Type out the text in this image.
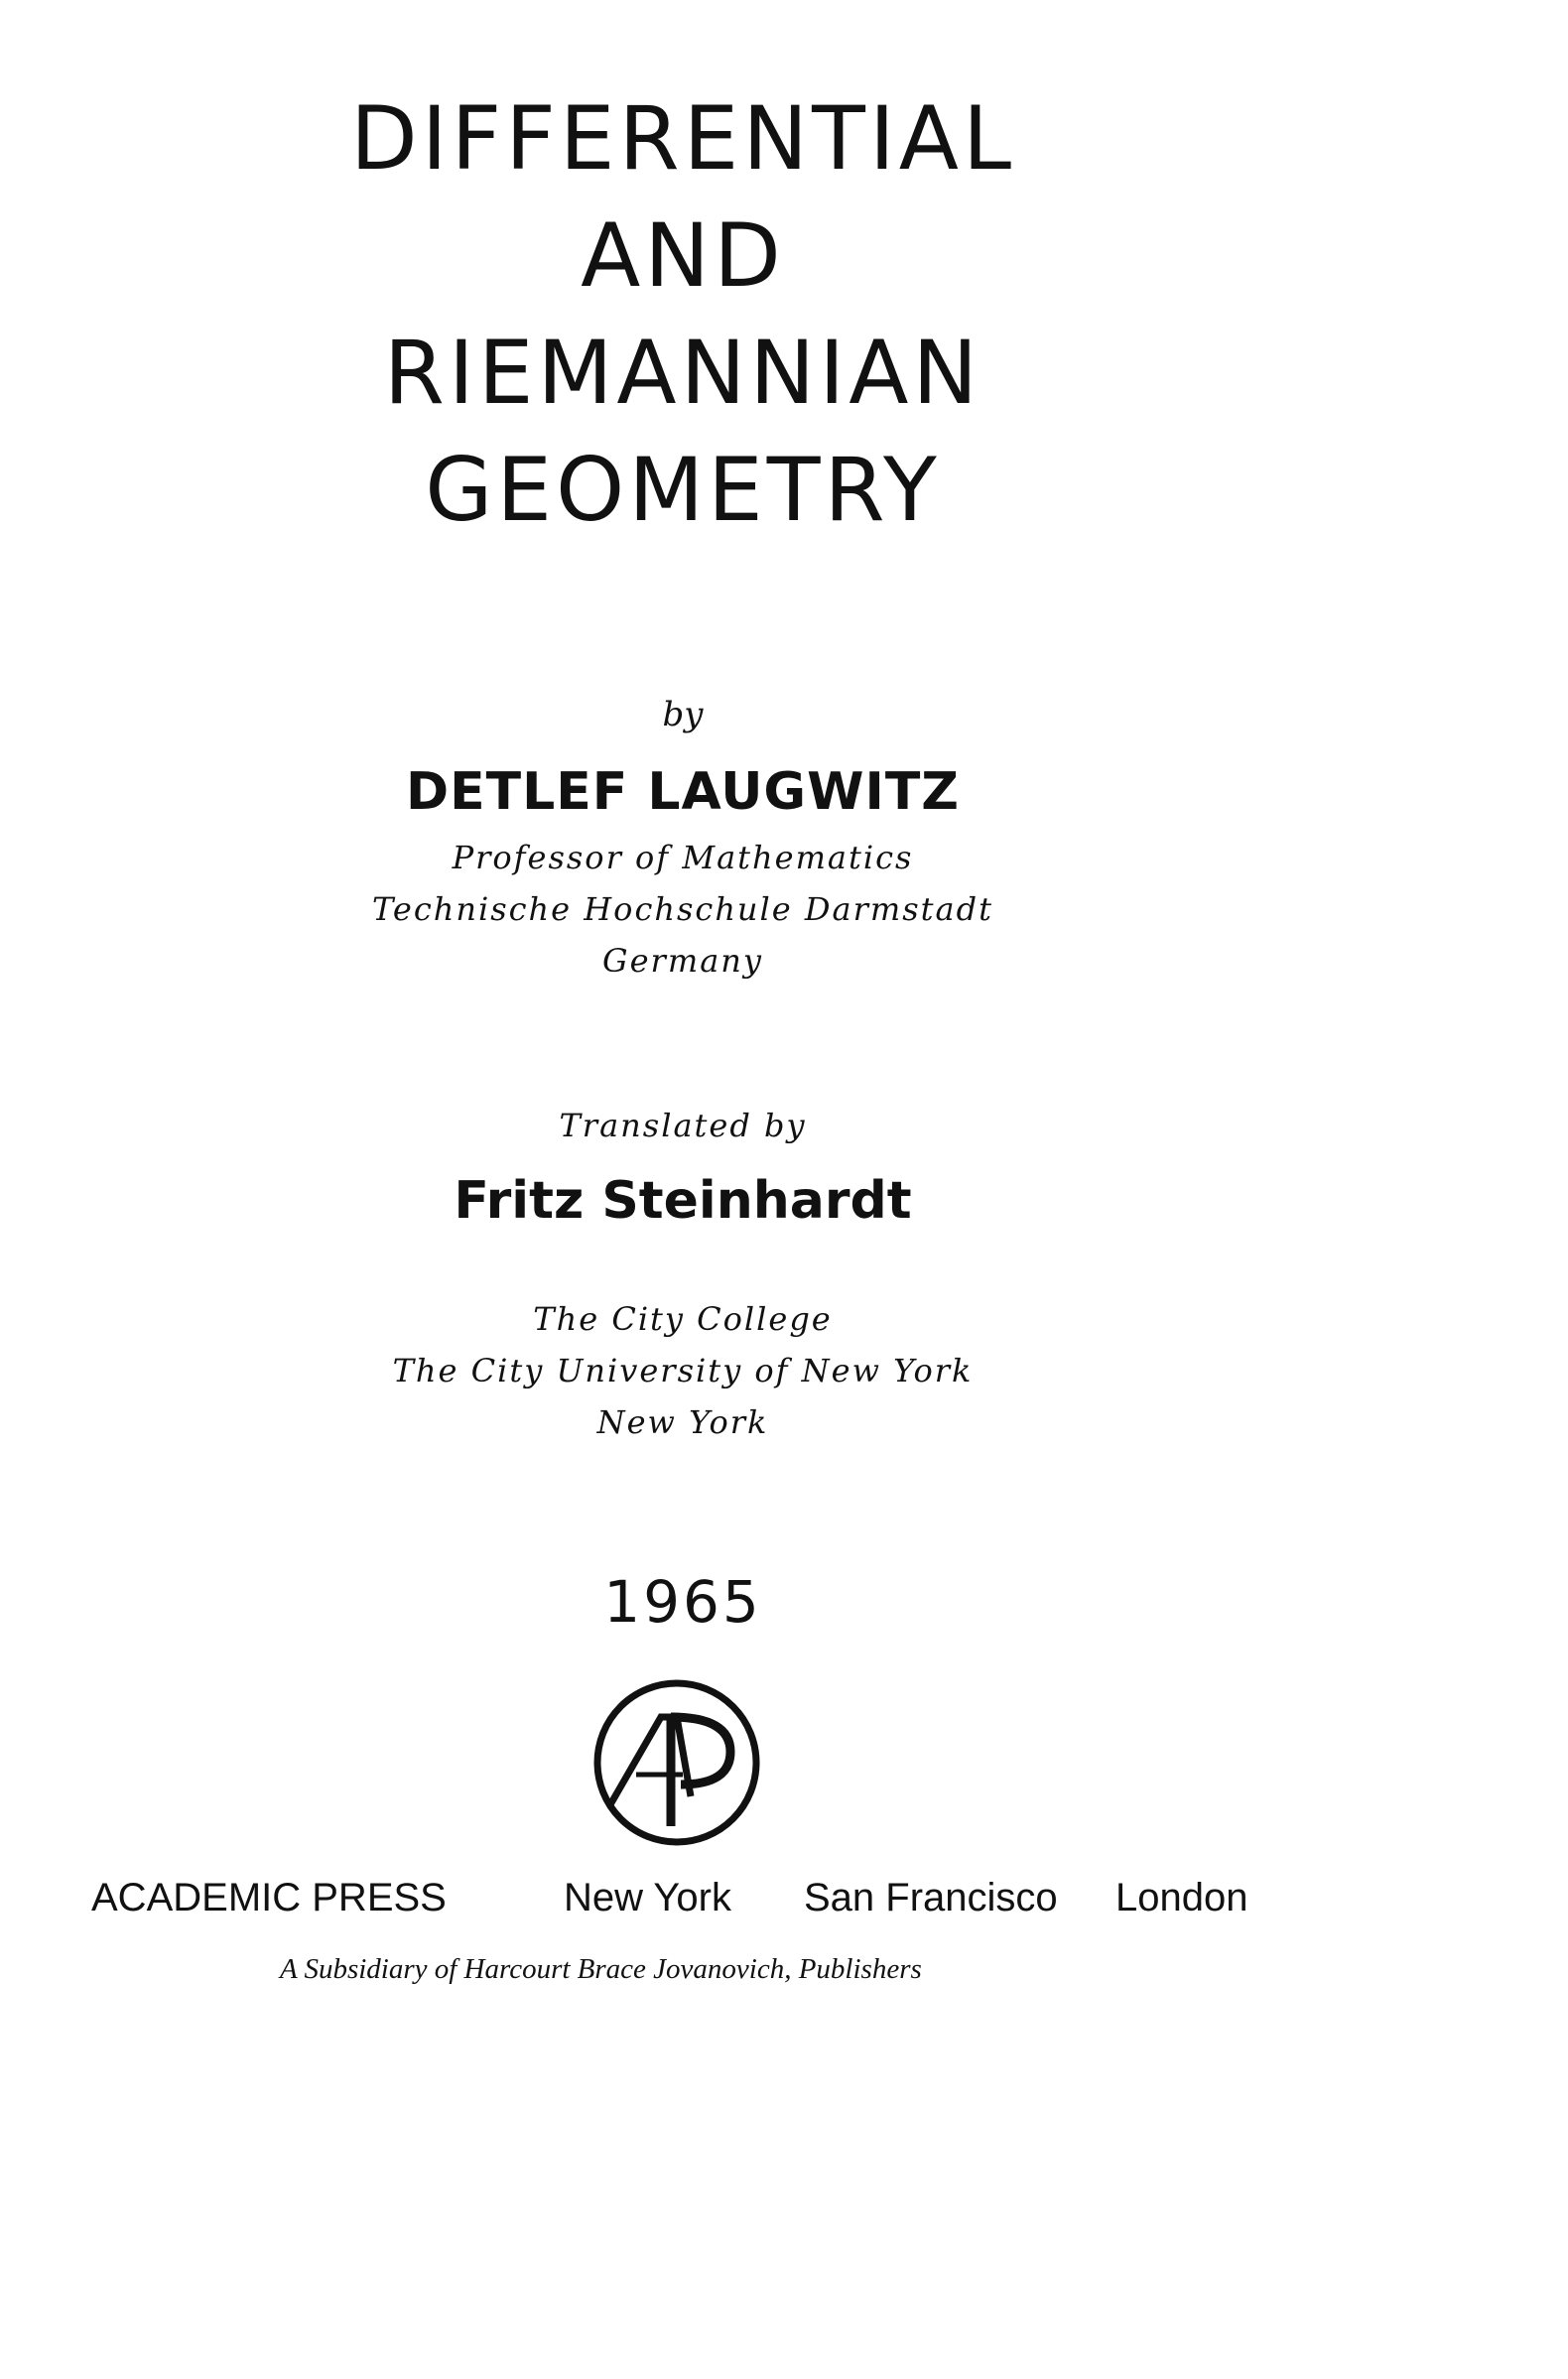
DIFFERENTIAL
AND
RIEMANNIAN
GEOMETRY
by
DETLEF LAUGWITZ
Professor of Mathematics
Technische Hochschule Darmstadt
Germany
Translated by
Fritz Steinhardt
The City College
The City University of New York
New York
1965
ACADEMIC PRESS	New York San Francisco London
A Subsidiary of Harcourt Brace Jovanovich, Publishers
